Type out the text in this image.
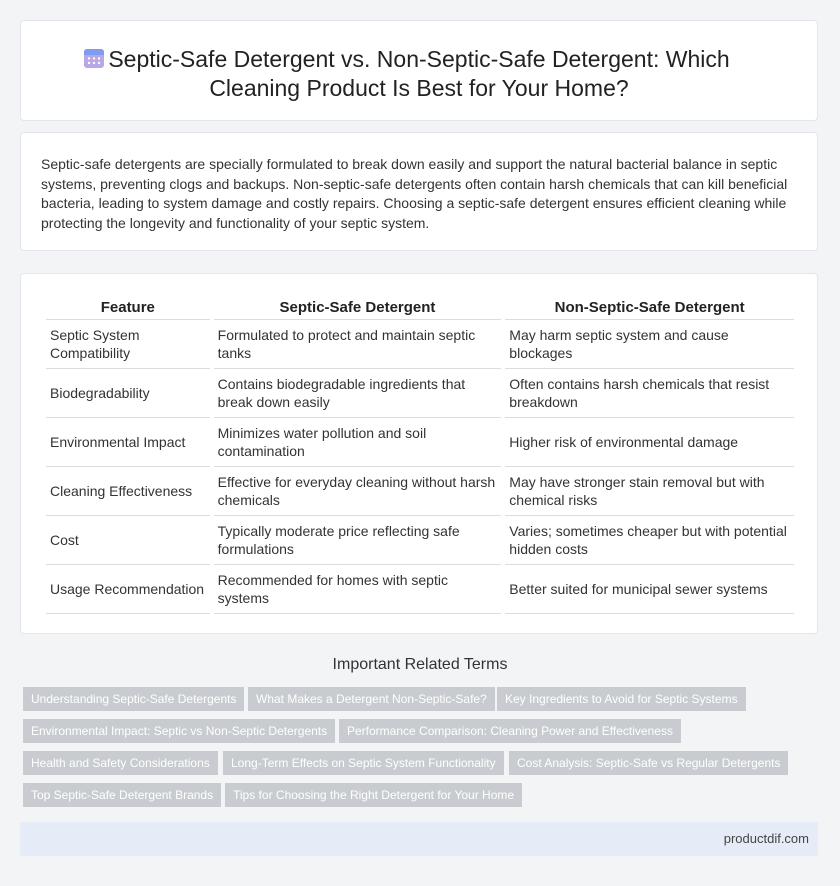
Septic-Safe Detergent vs. Non-Septic-Safe Detergent: Which Cleaning Product Is Best for Your Home?

Septic-safe detergents are specially formulated to break down easily and support the natural bacterial balance in septic systems, preventing clogs and backups. Non-septic-safe detergents often contain harsh chemicals that can kill beneficial bacteria, leading to system damage and costly repairs. Choosing a septic-safe detergent ensures efficient cleaning while protecting the longevity and functionality of your septic system.

Feature	Septic-Safe Detergent	Non-Septic-Safe Detergent
Septic System Compatibility	Formulated to protect and maintain septic tanks	May harm septic system and cause blockages
Biodegradability	Contains biodegradable ingredients that break down easily	Often contains harsh chemicals that resist breakdown
Environmental Impact	Minimizes water pollution and soil contamination	Higher risk of environmental damage
Cleaning Effectiveness	Effective for everyday cleaning without harsh chemicals	May have stronger stain removal but with chemical risks
Cost	Typically moderate price reflecting safe formulations	Varies; sometimes cheaper but with potential hidden costs
Usage Recommendation	Recommended for homes with septic systems	Better suited for municipal sewer systems
Important Related Terms
Understanding Septic-Safe Detergents	What Makes a Detergent Non-Septic-Safe?	Key Ingredients to Avoid for Septic Systems
Environmental Impact: Septic vs Non-Septic Detergents	Performance Comparison: Cleaning Power and Effectiveness
Health and Safety Considerations	Long-Term Effects on Septic System Functionality	Cost Analysis: Septic-Safe vs Regular Detergents
Top Septic-Safe Detergent Brands	Tips for Choosing the Right Detergent for Your Home
productdif.com
